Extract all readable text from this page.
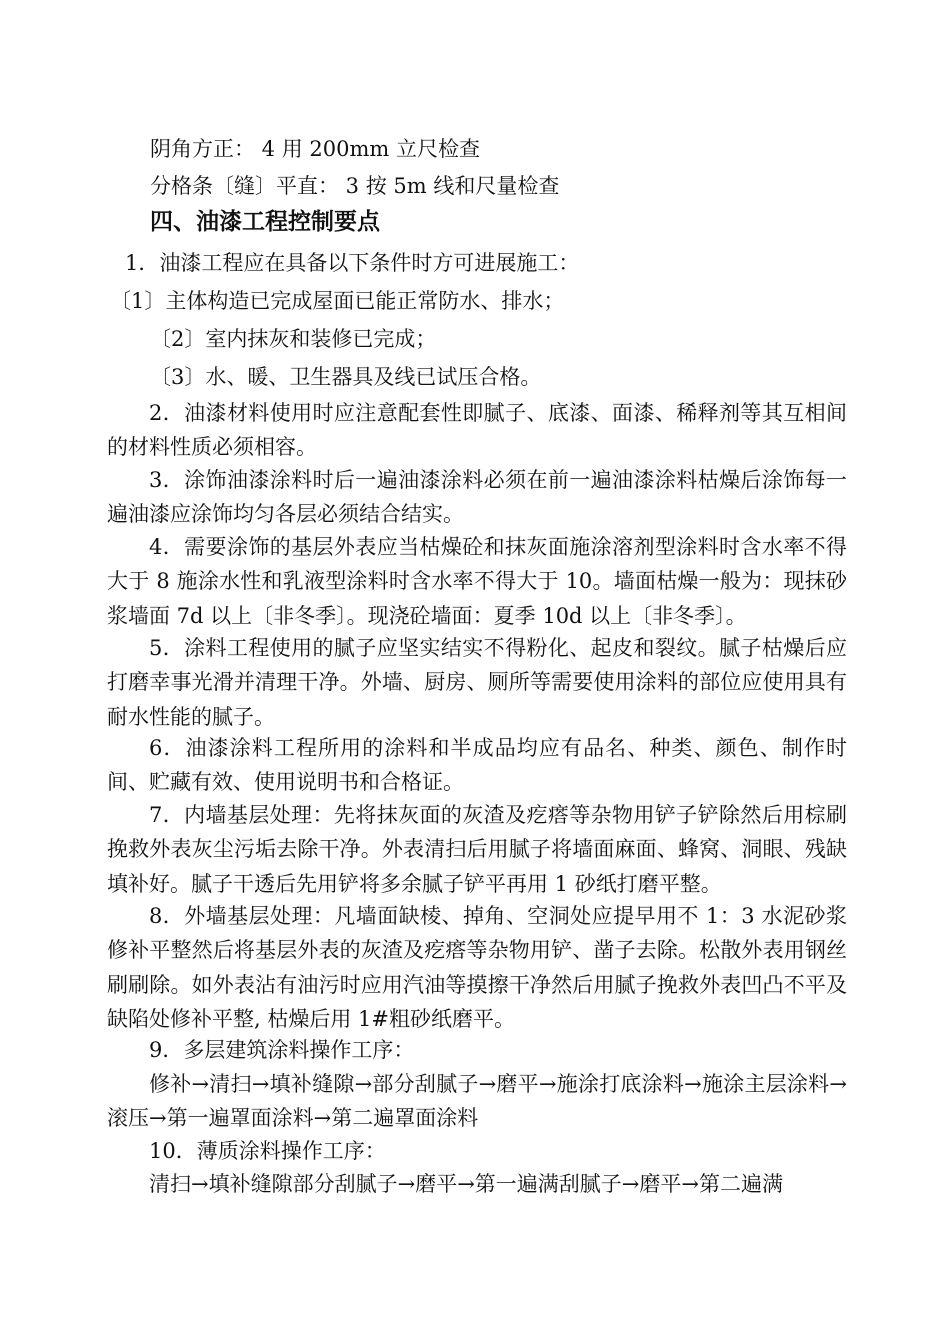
阴角方正： 4 用 200mm 立尺检查
分格条〔缝〕平直： 3 按 5m 线和尺量检查
四、油漆工程控制要点
1．油漆工程应在具备以下条件时方可进展施工：
〔1〕主体构造已完成屋面已能正常防水、排水；
〔2〕室内抹灰和装修已完成；
〔3〕水、暖、卫生器具及线已试压合格。
2．油漆材料使用时应注意配套性即腻子、底漆、面漆、稀释剂等其互相间的材料性质必须相容。
3．涂饰油漆涂料时后一遍油漆涂料必须在前一遍油漆涂料枯燥后涂饰每一遍油漆应涂饰均匀各层必须结合结实。
4．需要涂饰的基层外表应当枯燥砼和抹灰面施涂溶剂型涂料时含水率不得大于 8 施涂水性和乳液型涂料时含水率不得大于 10。墙面枯燥一般为：现抹砂浆墙面 7d 以上〔非冬季〕。现浇砼墙面：夏季 10d 以上〔非冬季〕。
5．涂料工程使用的腻子应坚实结实不得粉化、起皮和裂纹。腻子枯燥后应打磨幸事光滑并清理干净。外墙、厨房、厕所等需要使用涂料的部位应使用具有耐水性能的腻子。
6．油漆涂料工程所用的涂料和半成品均应有品名、种类、颜色、制作时间、贮藏有效、使用说明书和合格证。
7．内墙基层处理：先将抹灰面的灰渣及疙瘩等杂物用铲子铲除然后用棕刷挽救外表灰尘污垢去除干净。外表清扫后用腻子将墙面麻面、蜂窝、洞眼、残缺填补好。腻子干透后先用铲将多余腻子铲平再用 1 砂纸打磨平整。
8．外墙基层处理：凡墙面缺棱、掉角、空洞处应提早用不 1：3 水泥砂浆修补平整然后将基层外表的灰渣及疙瘩等杂物用铲、凿子去除。松散外表用钢丝刷刷除。如外表沾有油污时应用汽油等摸擦干净然后用腻子挽救外表凹凸不平及缺陷处修补平整, 枯燥后用 1#粗砂纸磨平。
9．多层建筑涂料操作工序：
修补→清扫→填补缝隙→部分刮腻子→磨平→施涂打底涂料→施涂主层涂料→滚压→第一遍罩面涂料→第二遍罩面涂料
10．薄质涂料操作工序：
清扫→填补缝隙部分刮腻子→磨平→第一遍满刮腻子→磨平→第二遍满
